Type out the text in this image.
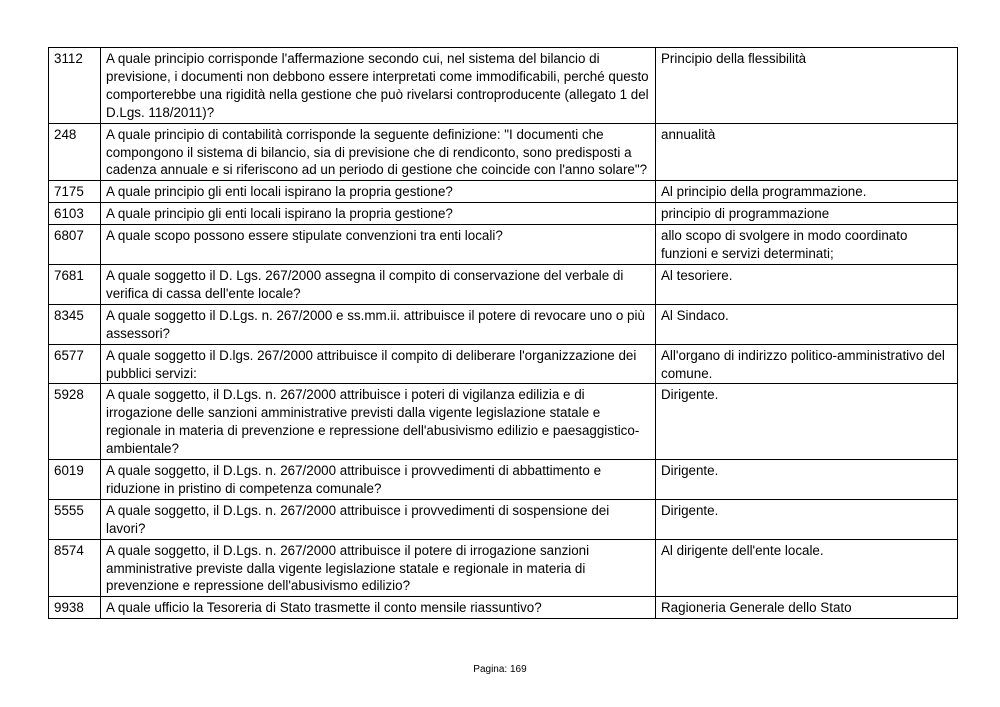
3112	A quale principio corrisponde l'affermazione secondo cui, nel sistema del bilancio di previsione, i documenti non debbono essere interpretati come immodificabili, perché questo comporterebbe una rigidità nella gestione che può rivelarsi controproducente (allegato 1 del D.Lgs. 118/2011)?	Principio della flessibilità
248	A quale principio di contabilità corrisponde la seguente definizione: "I documenti che compongono il sistema di bilancio, sia di previsione che di rendiconto, sono predisposti a cadenza annuale e si riferiscono ad un periodo di gestione che coincide con l'anno solare"?	annualità
7175	A quale principio gli enti locali ispirano la propria gestione?	Al principio della programmazione.
6103	A quale principio gli enti locali ispirano la propria gestione?	principio di programmazione
6807	A quale scopo possono essere stipulate convenzioni tra enti locali?	allo scopo di svolgere in modo coordinato funzioni e servizi determinati;
7681	A quale soggetto il D. Lgs. 267/2000 assegna il compito di conservazione del verbale di verifica di cassa dell'ente locale?	Al tesoriere.
8345	A quale soggetto il D.Lgs. n. 267/2000 e ss.mm.ii. attribuisce il potere di revocare uno o più assessori?	Al Sindaco.
6577	A quale soggetto il D.lgs. 267/2000 attribuisce il compito di deliberare l'organizzazione dei pubblici servizi:	All'organo di indirizzo politico-amministrativo del comune.
5928	A quale soggetto, il D.Lgs. n. 267/2000 attribuisce i poteri di vigilanza edilizia e di irrogazione delle sanzioni amministrative previsti dalla vigente legislazione statale e regionale in materia di prevenzione e repressione dell'abusivismo edilizio e paesaggistico-ambientale?	Dirigente.
6019	A quale soggetto, il D.Lgs. n. 267/2000 attribuisce i provvedimenti di abbattimento e riduzione in pristino di competenza comunale?	Dirigente.
5555	A quale soggetto, il D.Lgs. n. 267/2000 attribuisce i provvedimenti di sospensione dei lavori?	Dirigente.
8574	A quale soggetto, il D.Lgs. n. 267/2000 attribuisce il potere di irrogazione sanzioni amministrative previste dalla vigente legislazione statale e regionale in materia di prevenzione e repressione dell'abusivismo edilizio?	Al dirigente dell'ente locale.
9938	A quale ufficio la Tesoreria di Stato trasmette il conto mensile riassuntivo?	Ragioneria Generale dello Stato
Pagina: 169
